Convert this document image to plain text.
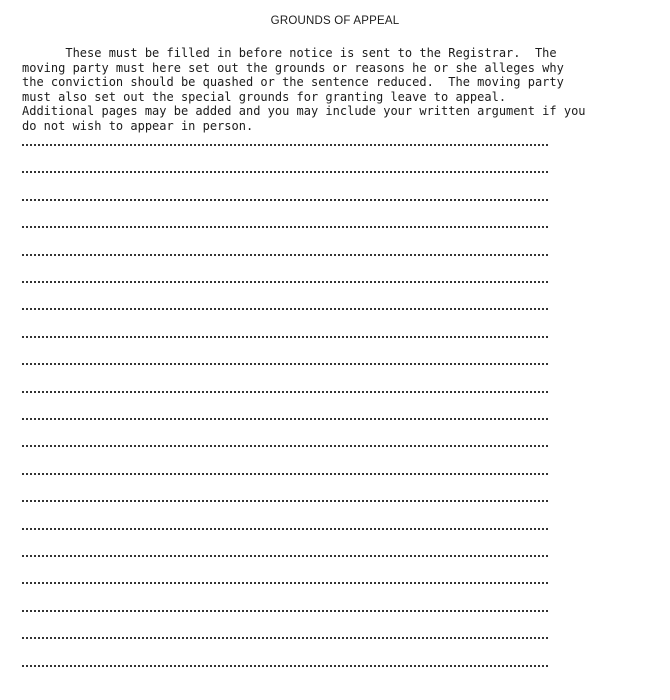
GROUNDS OF APPEAL
These must be filled in before notice is sent to the Registrar.  The
moving party must here set out the grounds or reasons he or she alleges why
the conviction should be quashed or the sentence reduced.  The moving party
must also set out the special grounds for granting leave to appeal.
Additional pages may be added and you may include your written argument if you
do not wish to appear in person.
